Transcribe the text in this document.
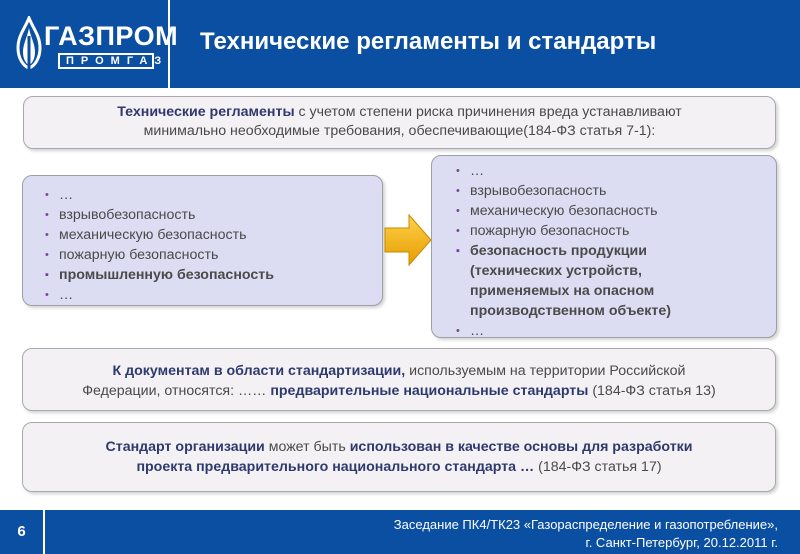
ГАЗПРОМ
ПРОМГАЗ
Технические регламенты и стандарты
Технические регламенты с учетом степени риска причинения вреда устанавливают
минимально необходимые требования, обеспечивающие(184-ФЗ статья 7-1):
• …
• взрывобезопасность
• механическую безопасность
• пожарную безопасность
▪ промышленную безопасность
• …
• …
• взрывобезопасность
• механическую безопасность
• пожарную безопасность
▪ безопасность продукции
(технических устройств,
применяемых на опасном
производственном объекте)
• …
К документам в области стандартизации, используемым на территории Российской
Федерации, относятся: …… предварительные национальные стандарты (184-ФЗ статья 13)
Стандарт организации может быть использован в качестве основы для разработки
проекта предварительного национального стандарта … (184-ФЗ статья 17)
Заседание ПК4/ТК23 «Газораспределение и газопотребление»,
г. Санкт-Петербург, 20.12.2011 г.
6
